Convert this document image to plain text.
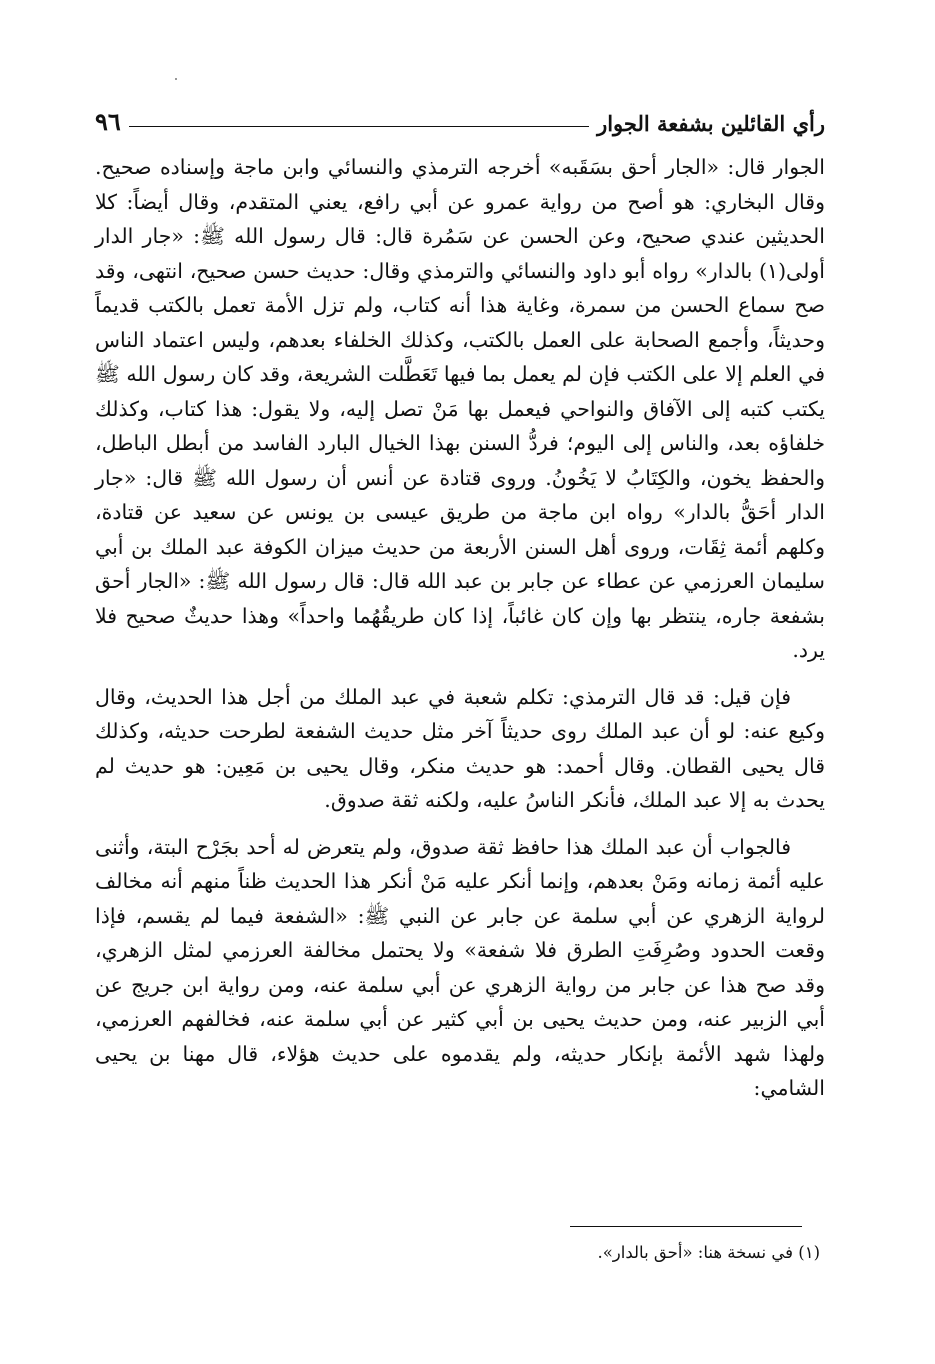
رأي القائلين بشفعة الجوار
٩٦

الجوار قال: «الجار أحق بسَقَبه» أخرجه الترمذي والنسائي وابن ماجة وإسناده صحيح. وقال البخاري: هو أصح من رواية عمرو عن أبي رافع، يعني المتقدم، وقال أيضاً: كلا الحديثين عندي صحيح، وعن الحسن عن سَمُرة قال: قال رسول الله ﷺ: «جار الدار أولى(١) بالدار» رواه أبو داود والنسائي والترمذي وقال: حديث حسن صحيح، انتهى، وقد صح سماع الحسن من سمرة، وغاية هذا أنه كتاب، ولم تزل الأمة تعمل بالكتب قديماً وحديثاً، وأجمع الصحابة على العمل بالكتب، وكذلك الخلفاء بعدهم، وليس اعتماد الناس في العلم إلا على الكتب فإن لم يعمل بما فيها تَعَطَّلت الشريعة، وقد كان رسول الله ﷺ يكتب كتبه إلى الآفاق والنواحي فيعمل بها مَنْ تصل إليه، ولا يقول: هذا كتاب، وكذلك خلفاؤه بعد، والناس إلى اليوم؛ فردُّ السنن بهذا الخيال البارد الفاسد من أبطل الباطل، والحفظ يخون، والكِتَابُ لا يَخُونُ. وروى قتادة عن أنس أن رسول الله ﷺ قال: «جار الدار أحَقُّ بالدار» رواه ابن ماجة من طريق عيسى بن يونس عن سعيد عن قتادة، وكلهم أئمة ثِقَات، وروى أهل السنن الأربعة من حديث ميزان الكوفة عبد الملك بن أبي سليمان العرزمي عن عطاء عن جابر بن عبد الله قال: قال رسول الله ﷺ: «الجار أحق بشفعة جاره، ينتظر بها وإن كان غائباً، إذا كان طريقُهُما واحداً» وهذا حديثٌ صحيح فلا يرد.

فإن قيل: قد قال الترمذي: تكلم شعبة في عبد الملك من أجل هذا الحديث، وقال وكيع عنه: لو أن عبد الملك روى حديثاً آخر مثل حديث الشفعة لطرحت حديثه، وكذلك قال يحيى القطان. وقال أحمد: هو حديث منكر، وقال يحيى بن مَعِين: هو حديث لم يحدث به إلا عبد الملك، فأنكر الناسُ عليه، ولكنه ثقة صدوق.

فالجواب أن عبد الملك هذا حافظ ثقة صدوق، ولم يتعرض له أحد بجَرْح البتة، وأثنى عليه أئمة زمانه ومَنْ بعدهم، وإنما أنكر عليه مَنْ أنكر هذا الحديث ظناً منهم أنه مخالف لرواية الزهري عن أبي سلمة عن جابر عن النبي ﷺ: «الشفعة فيما لم يقسم، فإذا وقعت الحدود وصُرِفَتِ الطرق فلا شفعة» ولا يحتمل مخالفة العرزمي لمثل الزهري، وقد صح هذا عن جابر من رواية الزهري عن أبي سلمة عنه، ومن رواية ابن جريج عن أبي الزبير عنه، ومن حديث يحيى بن أبي كثير عن أبي سلمة عنه، فخالفهم العرزمي، ولهذا شهد الأئمة بإنكار حديثه، ولم يقدموه على حديث هؤلاء، قال مهنا بن يحيى الشامي:

(١) في نسخة هنا: «أحق بالدار».
